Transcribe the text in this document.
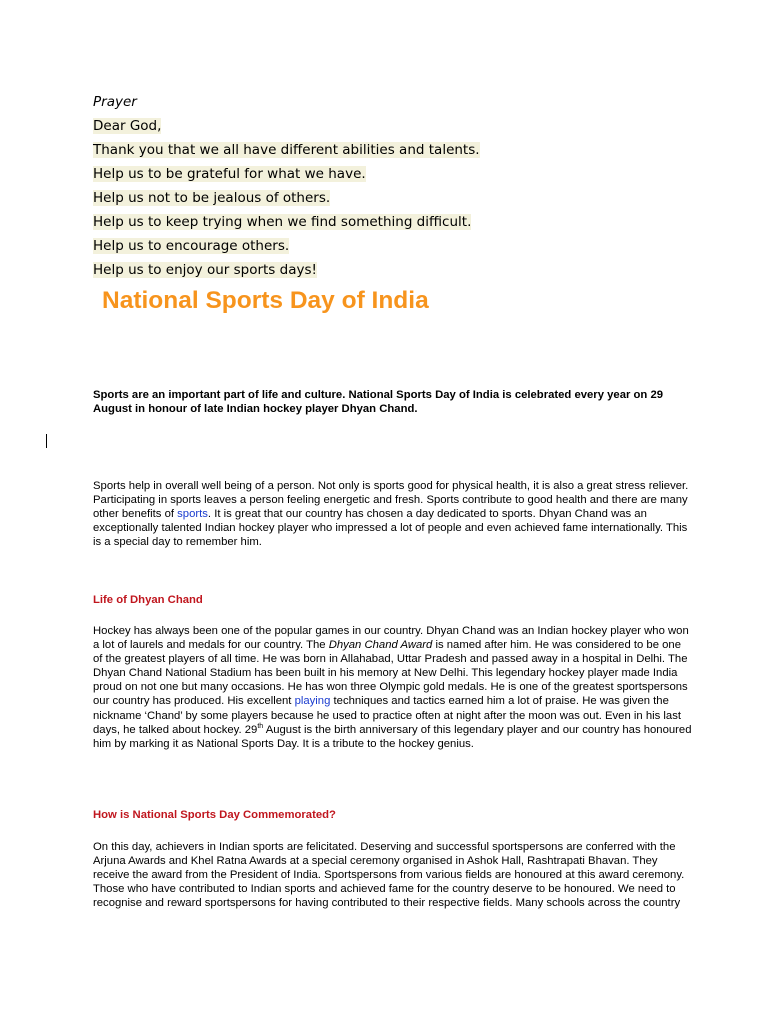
Prayer
Dear God,
Thank you that we all have different abilities and talents.
Help us to be grateful for what we have.
Help us not to be jealous of others.
Help us to keep trying when we find something difficult.
Help us to encourage others.
Help us to enjoy our sports days!
National Sports Day of India

Sports are an important part of life and culture. National Sports Day of India is celebrated every year on 29 August in honour of late Indian hockey player Dhyan Chand.

Sports help in overall well being of a person. Not only is sports good for physical health, it is also a great stress reliever. Participating in sports leaves a person feeling energetic and fresh. Sports contribute to good health and there are many other benefits of sports. It is great that our country has chosen a day dedicated to sports. Dhyan Chand was an exceptionally talented Indian hockey player who impressed a lot of people and even achieved fame internationally. This is a special day to remember him.

Life of Dhyan Chand

Hockey has always been one of the popular games in our country. Dhyan Chand was an Indian hockey player who won a lot of laurels and medals for our country. The Dhyan Chand Award is named after him. He was considered to be one of the greatest players of all time. He was born in Allahabad, Uttar Pradesh and passed away in a hospital in Delhi. The Dhyan Chand National Stadium has been built in his memory at New Delhi. This legendary hockey player made India proud on not one but many occasions. He has won three Olympic gold medals. He is one of the greatest sportspersons our country has produced. His excellent playing techniques and tactics earned him a lot of praise. He was given the nickname ‘Chand’ by some players because he used to practice often at night after the moon was out. Even in his last days, he talked about hockey. 29th August is the birth anniversary of this legendary player and our country has honoured him by marking it as National Sports Day. It is a tribute to the hockey genius.

How is National Sports Day Commemorated?

On this day, achievers in Indian sports are felicitated. Deserving and successful sportspersons are conferred with the Arjuna Awards and Khel Ratna Awards at a special ceremony organised in Ashok Hall, Rashtrapati Bhavan. They receive the award from the President of India. Sportspersons from various fields are honoured at this award ceremony. Those who have contributed to Indian sports and achieved fame for the country deserve to be honoured. We need to recognise and reward sportspersons for having contributed to their respective fields. Many schools across the country
